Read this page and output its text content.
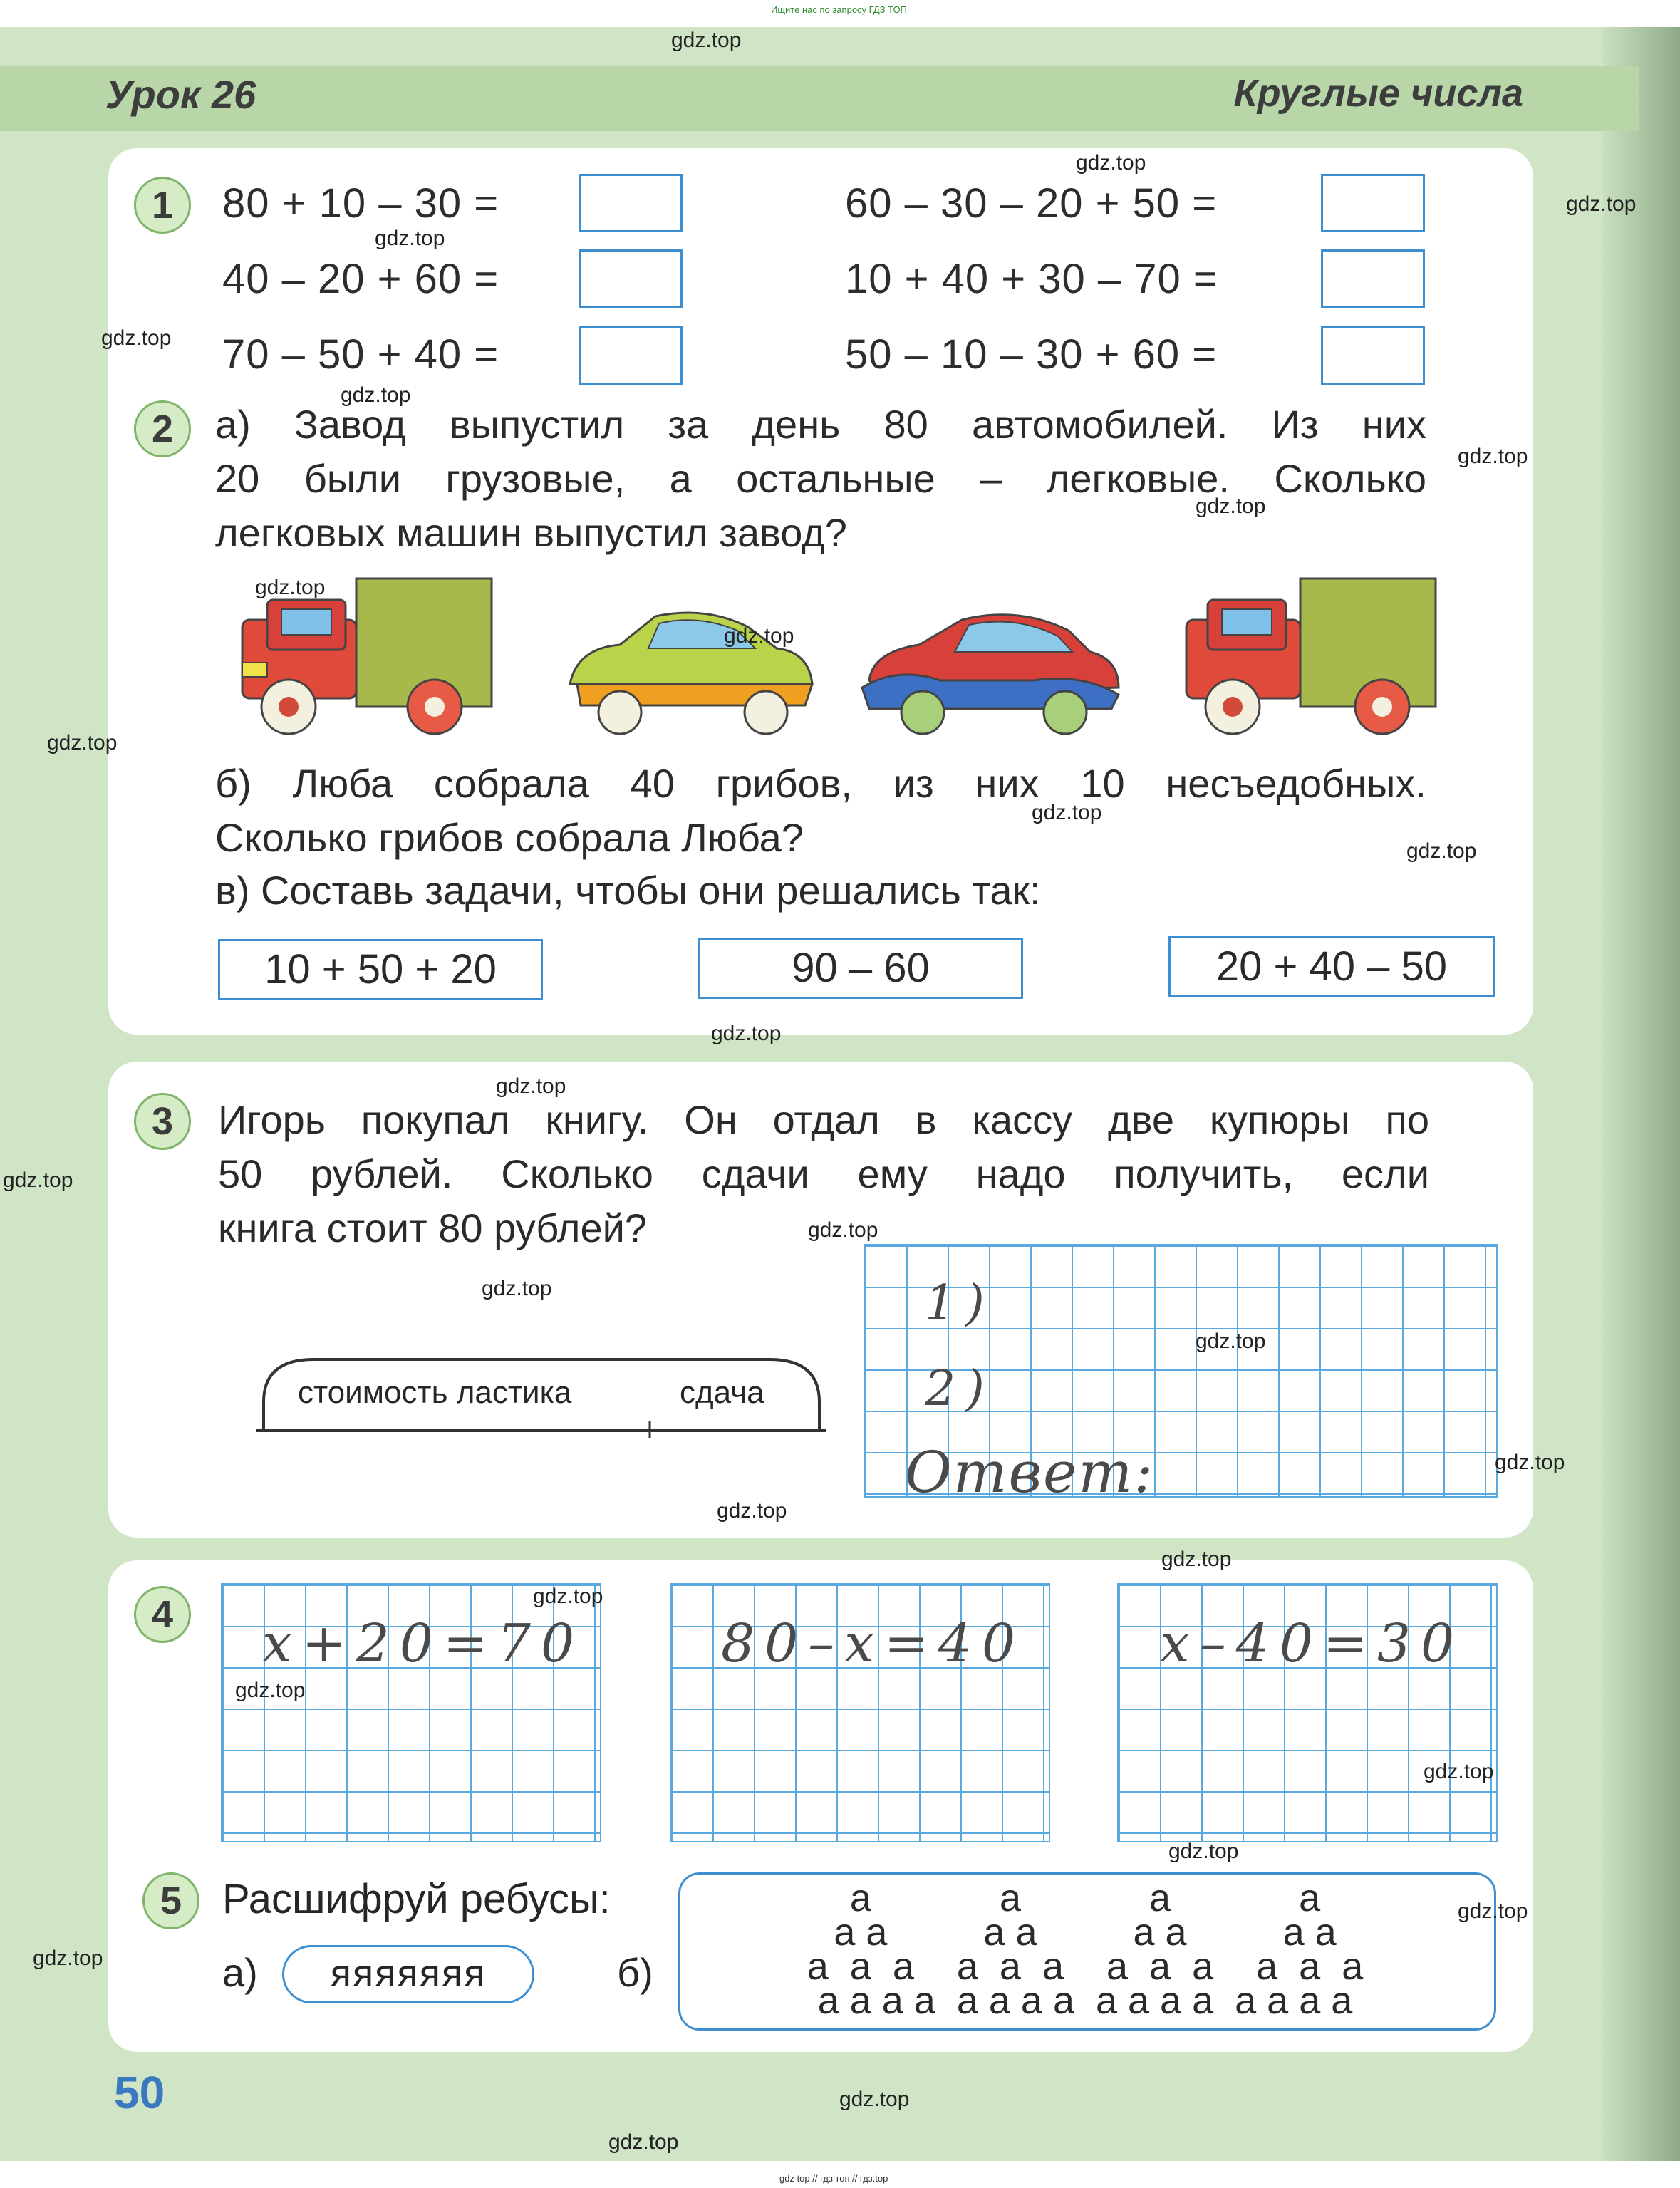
Ищите нас по запросу ГДЗ ТОП
Урок 26	Круглые числа
1	80 + 10 – 30 =
40 – 20 + 60 =
70 – 50 + 40 =
60 – 30 – 20 + 50 =
10 + 40 + 30 – 70 =
50 – 10 – 30 + 60 =
2	а) Завод выпустил за день 80 автомобилей. Из них
20 были грузовые, а остальные – легковые. Сколько
легковых машин выпустил завод?
б) Люба собрала 40 грибов, из них 10 несъедобных.
Сколько грибов собрала Люба?
в) Составь задачи, чтобы они решались так:
10 + 50 + 20	90 – 60	20 + 40 – 50
3	Игорь покупал книгу. Он отдал в кассу две купюры по
50 рублей. Сколько сдачи ему надо получить, если
книга стоит 80 рублей?
стоимость ластика	сдача
1)
2)
Ответ:
4	x+20=70	80–x=40	x–40=30
5 Расшифруй ребусы:
а)	яяяяяяя	б)
а            а            а            а
а а         а а         а а         а а
а  а  а    а  а  а    а  а  а    а  а  а
а а а а  а а а а  а а а а  а а а а
50
gdz.top
gdz.top
gdz.top
gdz.top
gdz.top
gdz.top
gdz.top
gdz.top
gdz.top
gdz.top
gdz.top
gdz.top
gdz.top
gdz.top
gdz.top
gdz.top
gdz.top
gdz.top
gdz.top
gdz.top
gdz.top
gdz.top
gdz.top
gdz.top
gdz.top
gdz.top
gdz.top
gdz.top
gdz.top
gdz.top
gdz top // гдз топ // гдз.top
